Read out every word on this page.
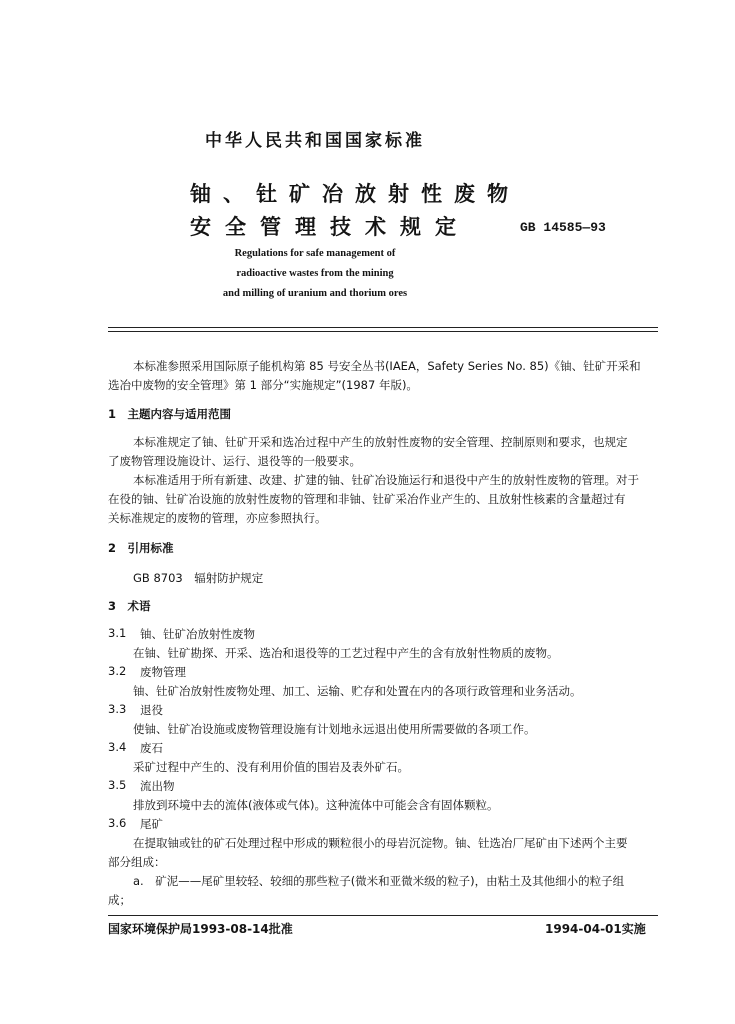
中华人民共和国国家标准
铀、钍矿冶放射性废物
安全管理技术规定	GB 14585—93
Regulations for safe management of
radioactive wastes from the mining
and milling of uranium and thorium ores
本标准参照采用国际原子能机构第 85 号安全丛书(IAEA，Safety Series No. 85)《铀、钍矿开采和
选冶中废物的安全管理》第 1 部分“实施规定”(1987 年版)。
1　主题内容与适用范围
本标准规定了铀、钍矿开采和选冶过程中产生的放射性废物的安全管理、控制原则和要求，也规定
了废物管理设施设计、运行、退役等的一般要求。
本标准适用于所有新建、改建、扩建的铀、钍矿冶设施运行和退役中产生的放射性废物的管理。对于
在役的铀、钍矿冶设施的放射性废物的管理和非铀、钍矿采冶作业产生的、且放射性核素的含量超过有
关标准规定的废物的管理，亦应参照执行。
2　引用标准
GB 8703　辐射防护规定
3　术语
3.1 铀、钍矿冶放射性废物
在铀、钍矿勘探、开采、选冶和退役等的工艺过程中产生的含有放射性物质的废物。
3.2 废物管理
铀、钍矿冶放射性废物处理、加工、运输、贮存和处置在内的各项行政管理和业务活动。
3.3 退役
使铀、钍矿冶设施或废物管理设施有计划地永远退出使用所需要做的各项工作。
3.4 废石
采矿过程中产生的、没有利用价值的围岩及表外矿石。
3.5 流出物
排放到环境中去的流体(液体或气体)。这种流体中可能会含有固体颗粒。
3.6 尾矿
在提取铀或钍的矿石处理过程中形成的颗粒很小的母岩沉淀物。铀、钍选冶厂尾矿由下述两个主要
部分组成：
a.　矿泥——尾矿里较轻、较细的那些粒子(微米和亚微米级的粒子)，由粘土及其他细小的粒子组
成；
国家环境保护局1993-08-14批准	1994-04-01实施
